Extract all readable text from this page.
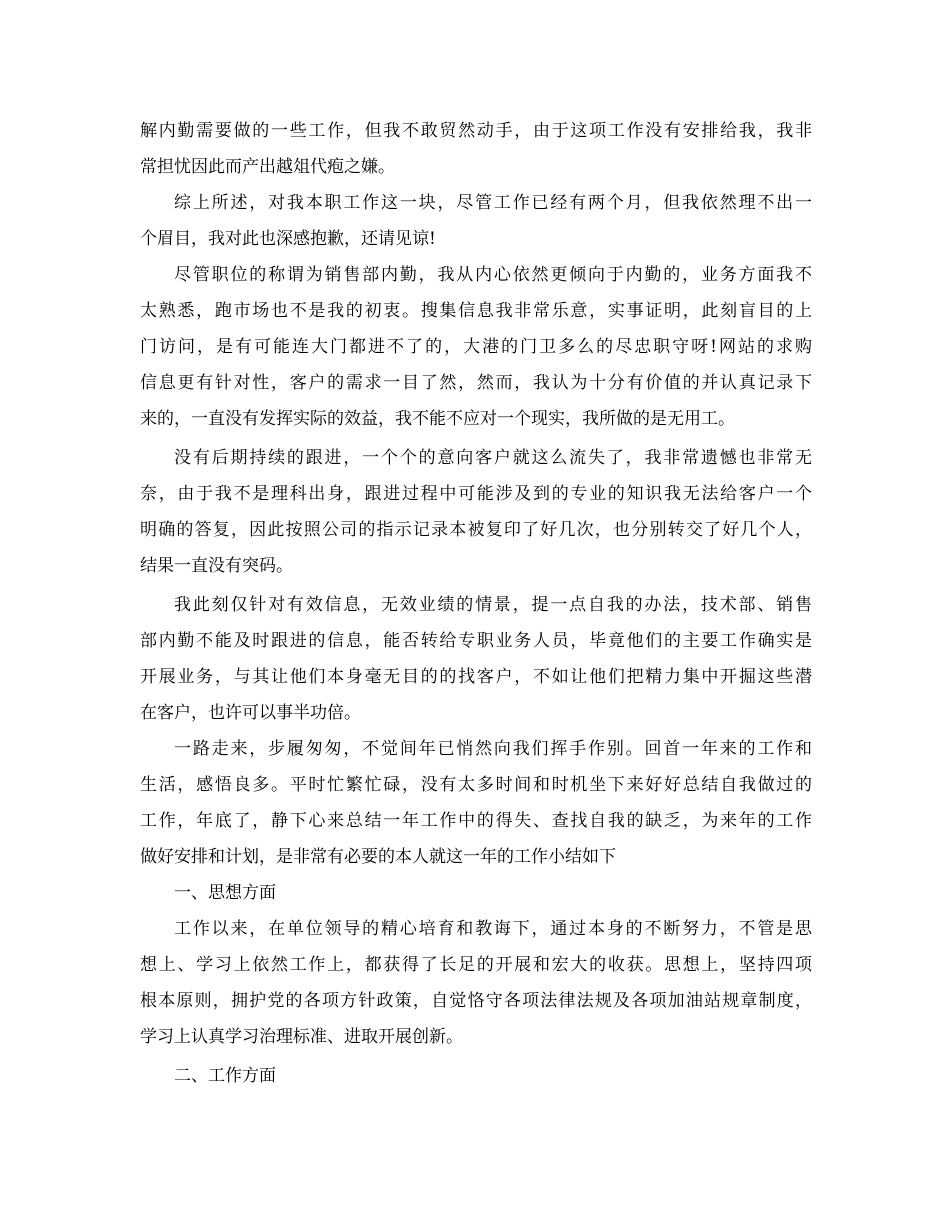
解内勤需要做的一些工作，但我不敢贸然动手，由于这项工作没有安排给我，我非
常担忧因此而产出越俎代疱之嫌。
综上所述，对我本职工作这一块，尽管工作已经有两个月，但我依然理不出一
个眉目，我对此也深感抱歉，还请见谅!
尽管职位的称谓为销售部内勤，我从内心依然更倾向于内勤的，业务方面我不
太熟悉，跑市场也不是我的初衷。搜集信息我非常乐意，实事证明，此刻盲目的上
门访问，是有可能连大门都进不了的，大港的门卫多么的尽忠职守呀!网站的求购
信息更有针对性，客户的需求一目了然，然而，我认为十分有价值的并认真记录下
来的，一直没有发挥实际的效益，我不能不应对一个现实，我所做的是无用工。
没有后期持续的跟进，一个个的意向客户就这么流失了，我非常遗憾也非常无
奈，由于我不是理科出身，跟进过程中可能涉及到的专业的知识我无法给客户一个
明确的答复，因此按照公司的指示记录本被复印了好几次，也分别转交了好几个人，
结果一直没有突码。
我此刻仅针对有效信息，无效业绩的情景，提一点自我的办法，技术部、销售
部内勤不能及时跟进的信息，能否转给专职业务人员，毕竟他们的主要工作确实是
开展业务，与其让他们本身毫无目的的找客户，不如让他们把精力集中开掘这些潜
在客户，也许可以事半功倍。
一路走来，步履匆匆，不觉间年已悄然向我们挥手作别。回首一年来的工作和
生活，感悟良多。平时忙繁忙碌，没有太多时间和时机坐下来好好总结自我做过的
工作，年底了，静下心来总结一年工作中的得失、查找自我的缺乏，为来年的工作
做好安排和计划，是非常有必要的本人就这一年的工作小结如下
一、思想方面
工作以来，在单位领导的精心培育和教诲下，通过本身的不断努力，不管是思
想上、学习上依然工作上，都获得了长足的开展和宏大的收获。思想上，坚持四项
根本原则，拥护党的各项方针政策，自觉恪守各项法律法规及各项加油站规章制度，
学习上认真学习治理标准、进取开展创新。
二、工作方面
